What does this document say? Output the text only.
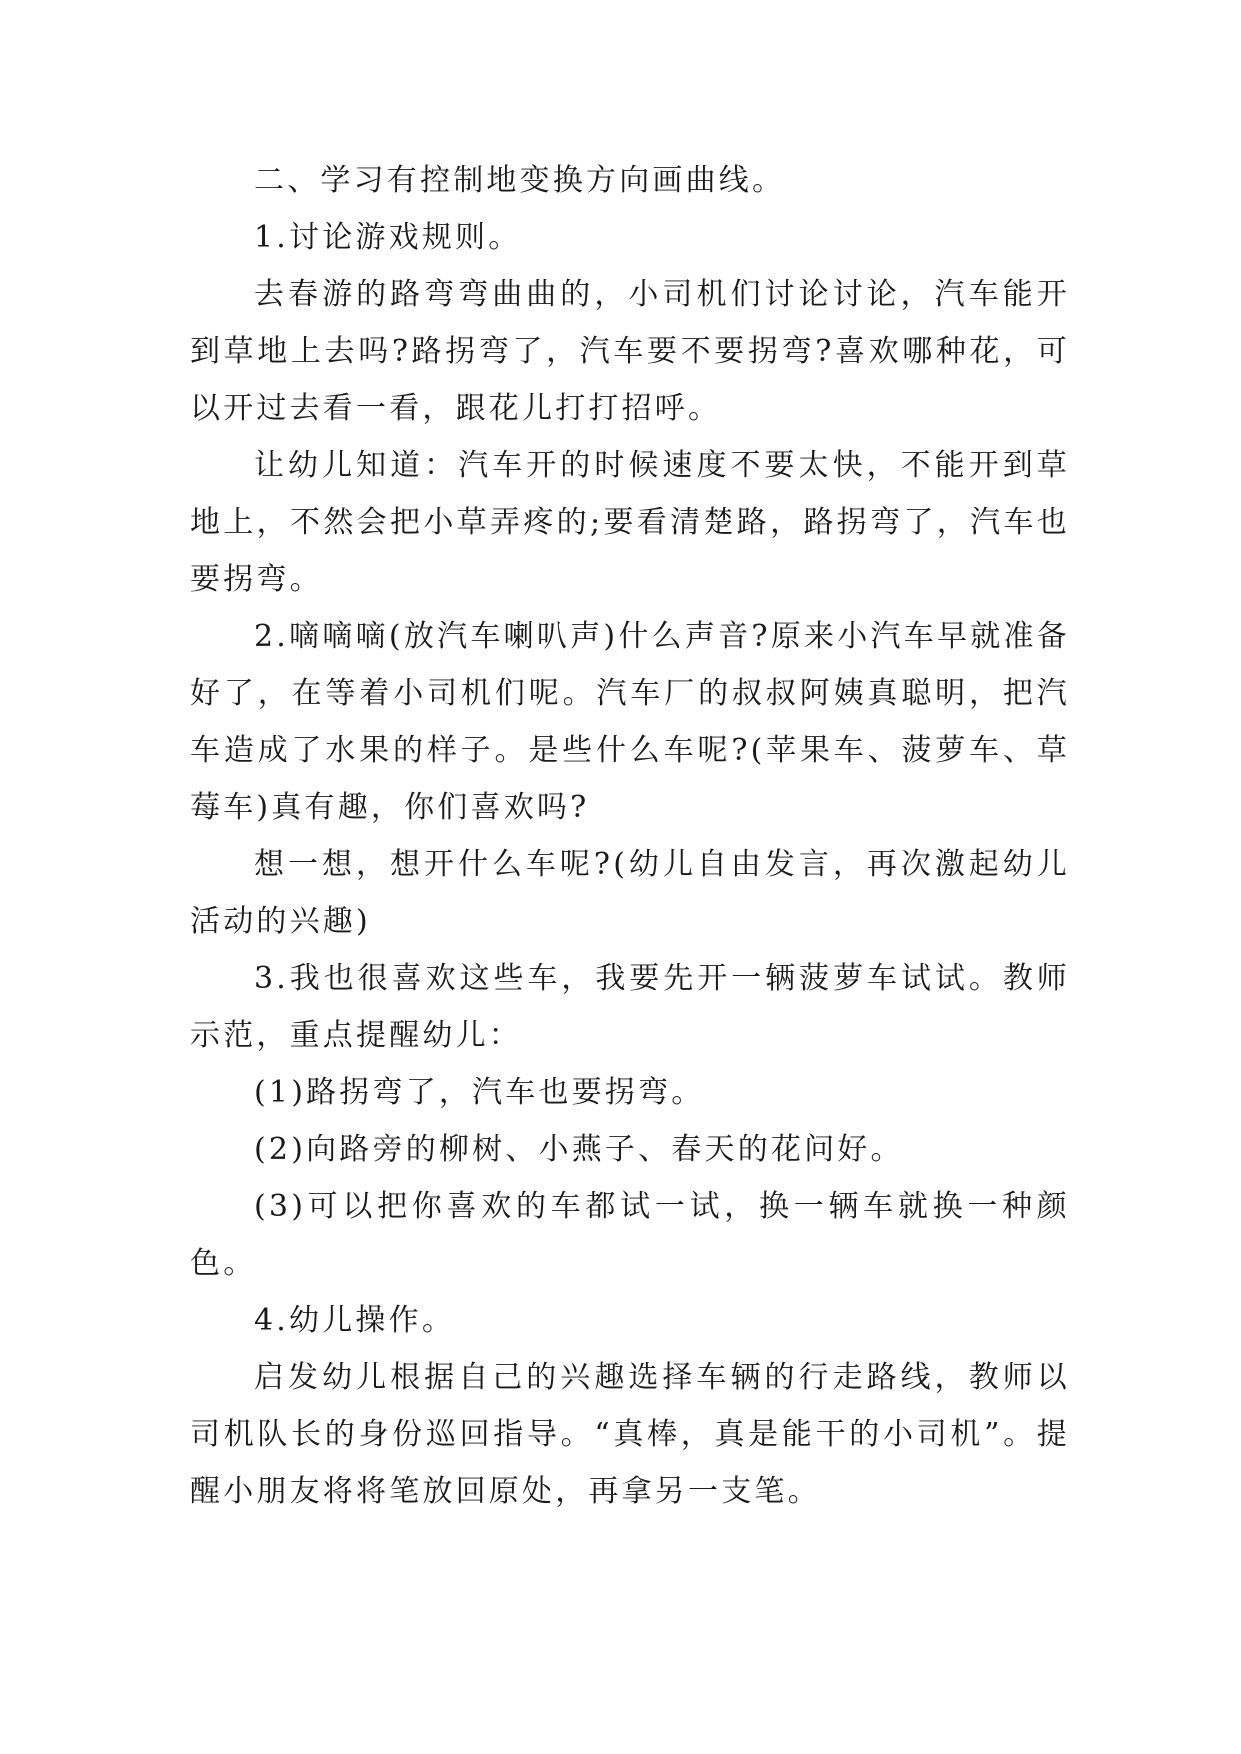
二、学习有控制地变换方向画曲线。

1.讨论游戏规则。

去春游的路弯弯曲曲的，小司机们讨论讨论，汽车能开到草地上去吗?路拐弯了，汽车要不要拐弯?喜欢哪种花，可以开过去看一看，跟花儿打打招呼。

让幼儿知道：汽车开的时候速度不要太快，不能开到草地上，不然会把小草弄疼的;要看清楚路，路拐弯了，汽车也要拐弯。

2.嘀嘀嘀(放汽车喇叭声)什么声音?原来小汽车早就准备好了，在等着小司机们呢。汽车厂的叔叔阿姨真聪明，把汽车造成了水果的样子。是些什么车呢?(苹果车、菠萝车、草莓车)真有趣，你们喜欢吗?

想一想，想开什么车呢?(幼儿自由发言，再次激起幼儿活动的兴趣)

3.我也很喜欢这些车，我要先开一辆菠萝车试试。教师示范，重点提醒幼儿：

(1)路拐弯了，汽车也要拐弯。

(2)向路旁的柳树、小燕子、春天的花问好。

(3)可以把你喜欢的车都试一试，换一辆车就换一种颜色。

4.幼儿操作。

启发幼儿根据自己的兴趣选择车辆的行走路线，教师以司机队长的身份巡回指导。“真棒，真是能干的小司机”。提醒小朋友将将笔放回原处，再拿另一支笔。
